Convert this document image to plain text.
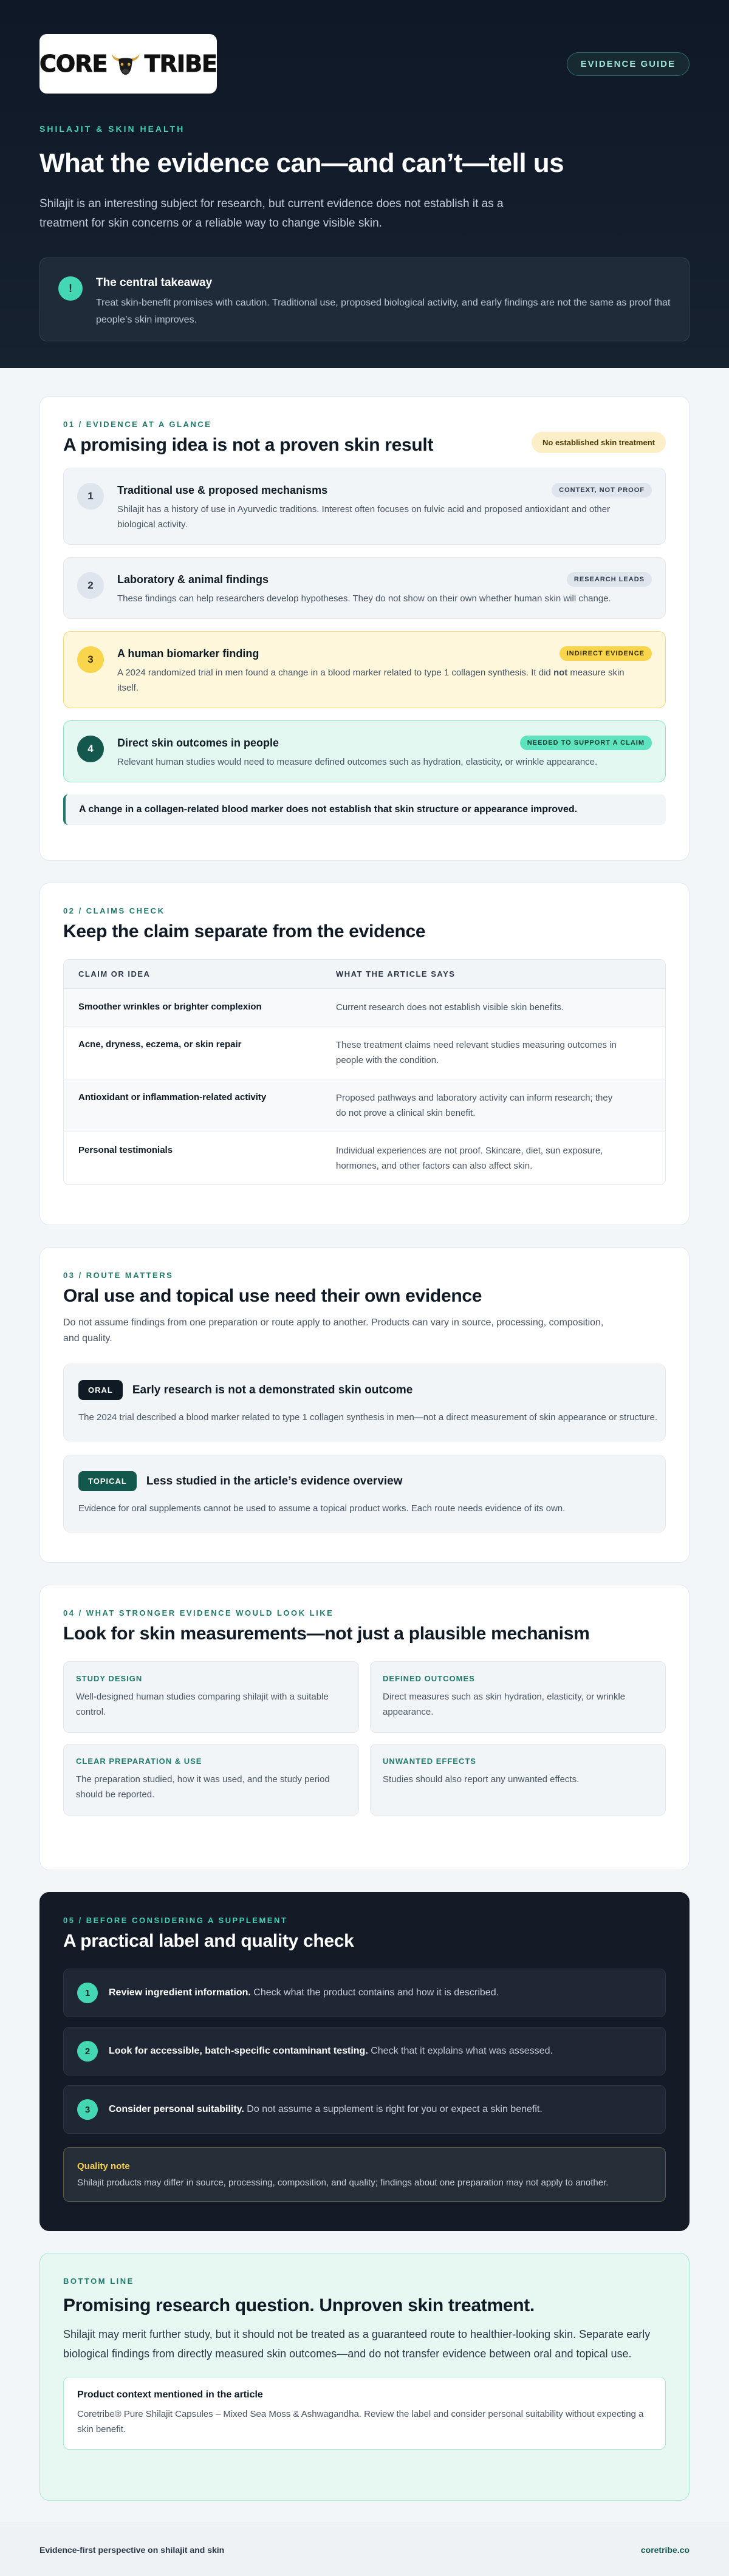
CORE TRIBE	EVIDENCE GUIDE
SHILAJIT & SKIN HEALTH
What the evidence can—and can’t—tell us

Shilajit is an interesting subject for research, but current evidence does not establish it as a treatment for skin concerns or a reliable way to change visible skin.

!	The central takeaway
Treat skin-benefit promises with caution. Traditional use, proposed biological activity, and early findings are not the same as proof that people’s skin improves.
01 / EVIDENCE AT A GLANCE
A promising idea is not a proven skin result	No established skin treatment
1	Traditional use & proposed mechanisms
Shilajit has a history of use in Ayurvedic traditions. Interest often focuses on fulvic acid and proposed antioxidant and other biological activity.
CONTEXT, NOT PROOF
2	Laboratory & animal findings
These findings can help researchers develop hypotheses. They do not show on their own whether human skin will change.
RESEARCH LEADS
3	A human biomarker finding
A 2024 randomized trial in men found a change in a blood marker related to type 1 collagen synthesis. It did not measure skin itself.
INDIRECT EVIDENCE
4	Direct skin outcomes in people
Relevant human studies would need to measure defined outcomes such as hydration, elasticity, or wrinkle appearance.
NEEDED TO SUPPORT A CLAIM
A change in a collagen-related blood marker does not establish that skin structure or appearance improved.
02 / CLAIMS CHECK
Keep the claim separate from the evidence
CLAIM OR IDEA	WHAT THE ARTICLE SAYS
Smoother wrinkles or brighter complexion	Current research does not establish visible skin benefits.
Acne, dryness, eczema, or skin repair	These treatment claims need relevant studies measuring outcomes in people with the condition.
Antioxidant or inflammation-related activity	Proposed pathways and laboratory activity can inform research; they do not prove a clinical skin benefit.
Personal testimonials	Individual experiences are not proof. Skincare, diet, sun exposure, hormones, and other factors can also affect skin.
03 / ROUTE MATTERS
Oral use and topical use need their own evidence

Do not assume findings from one preparation or route apply to another. Products can vary in source, processing, composition, and quality.

ORAL	Early research is not a demonstrated skin outcome
The 2024 trial described a blood marker related to type 1 collagen synthesis in men—not a direct measurement of skin appearance or structure.
TOPICAL	Less studied in the article’s evidence overview
Evidence for oral supplements cannot be used to assume a topical product works. Each route needs evidence of its own.
04 / WHAT STRONGER EVIDENCE WOULD LOOK LIKE
Look for skin measurements—not just a plausible mechanism
STUDY DESIGN
Well-designed human studies comparing shilajit with a suitable control.
DEFINED OUTCOMES
Direct measures such as skin hydration, elasticity, or wrinkle appearance.
CLEAR PREPARATION & USE
The preparation studied, how it was used, and the study period should be reported.
UNWANTED EFFECTS
Studies should also report any unwanted effects.
05 / BEFORE CONSIDERING A SUPPLEMENT
A practical label and quality check
1	Review ingredient information. Check what the product contains and how it is described.
2	Look for accessible, batch-specific contaminant testing. Check that it explains what was assessed.
3	Consider personal suitability. Do not assume a supplement is right for you or expect a skin benefit.
Quality note
Shilajit products may differ in source, processing, composition, and quality; findings about one preparation may not apply to another.
BOTTOM LINE
Promising research question. Unproven skin treatment.

Shilajit may merit further study, but it should not be treated as a guaranteed route to healthier-looking skin. Separate early biological findings from directly measured skin outcomes—and do not transfer evidence between oral and topical use.

Product context mentioned in the article
Coretribe® Pure Shilajit Capsules – Mixed Sea Moss & Ashwagandha. Review the label and consider personal suitability without expecting a skin benefit.
Evidence-first perspective on shilajit and skin	coretribe.co
